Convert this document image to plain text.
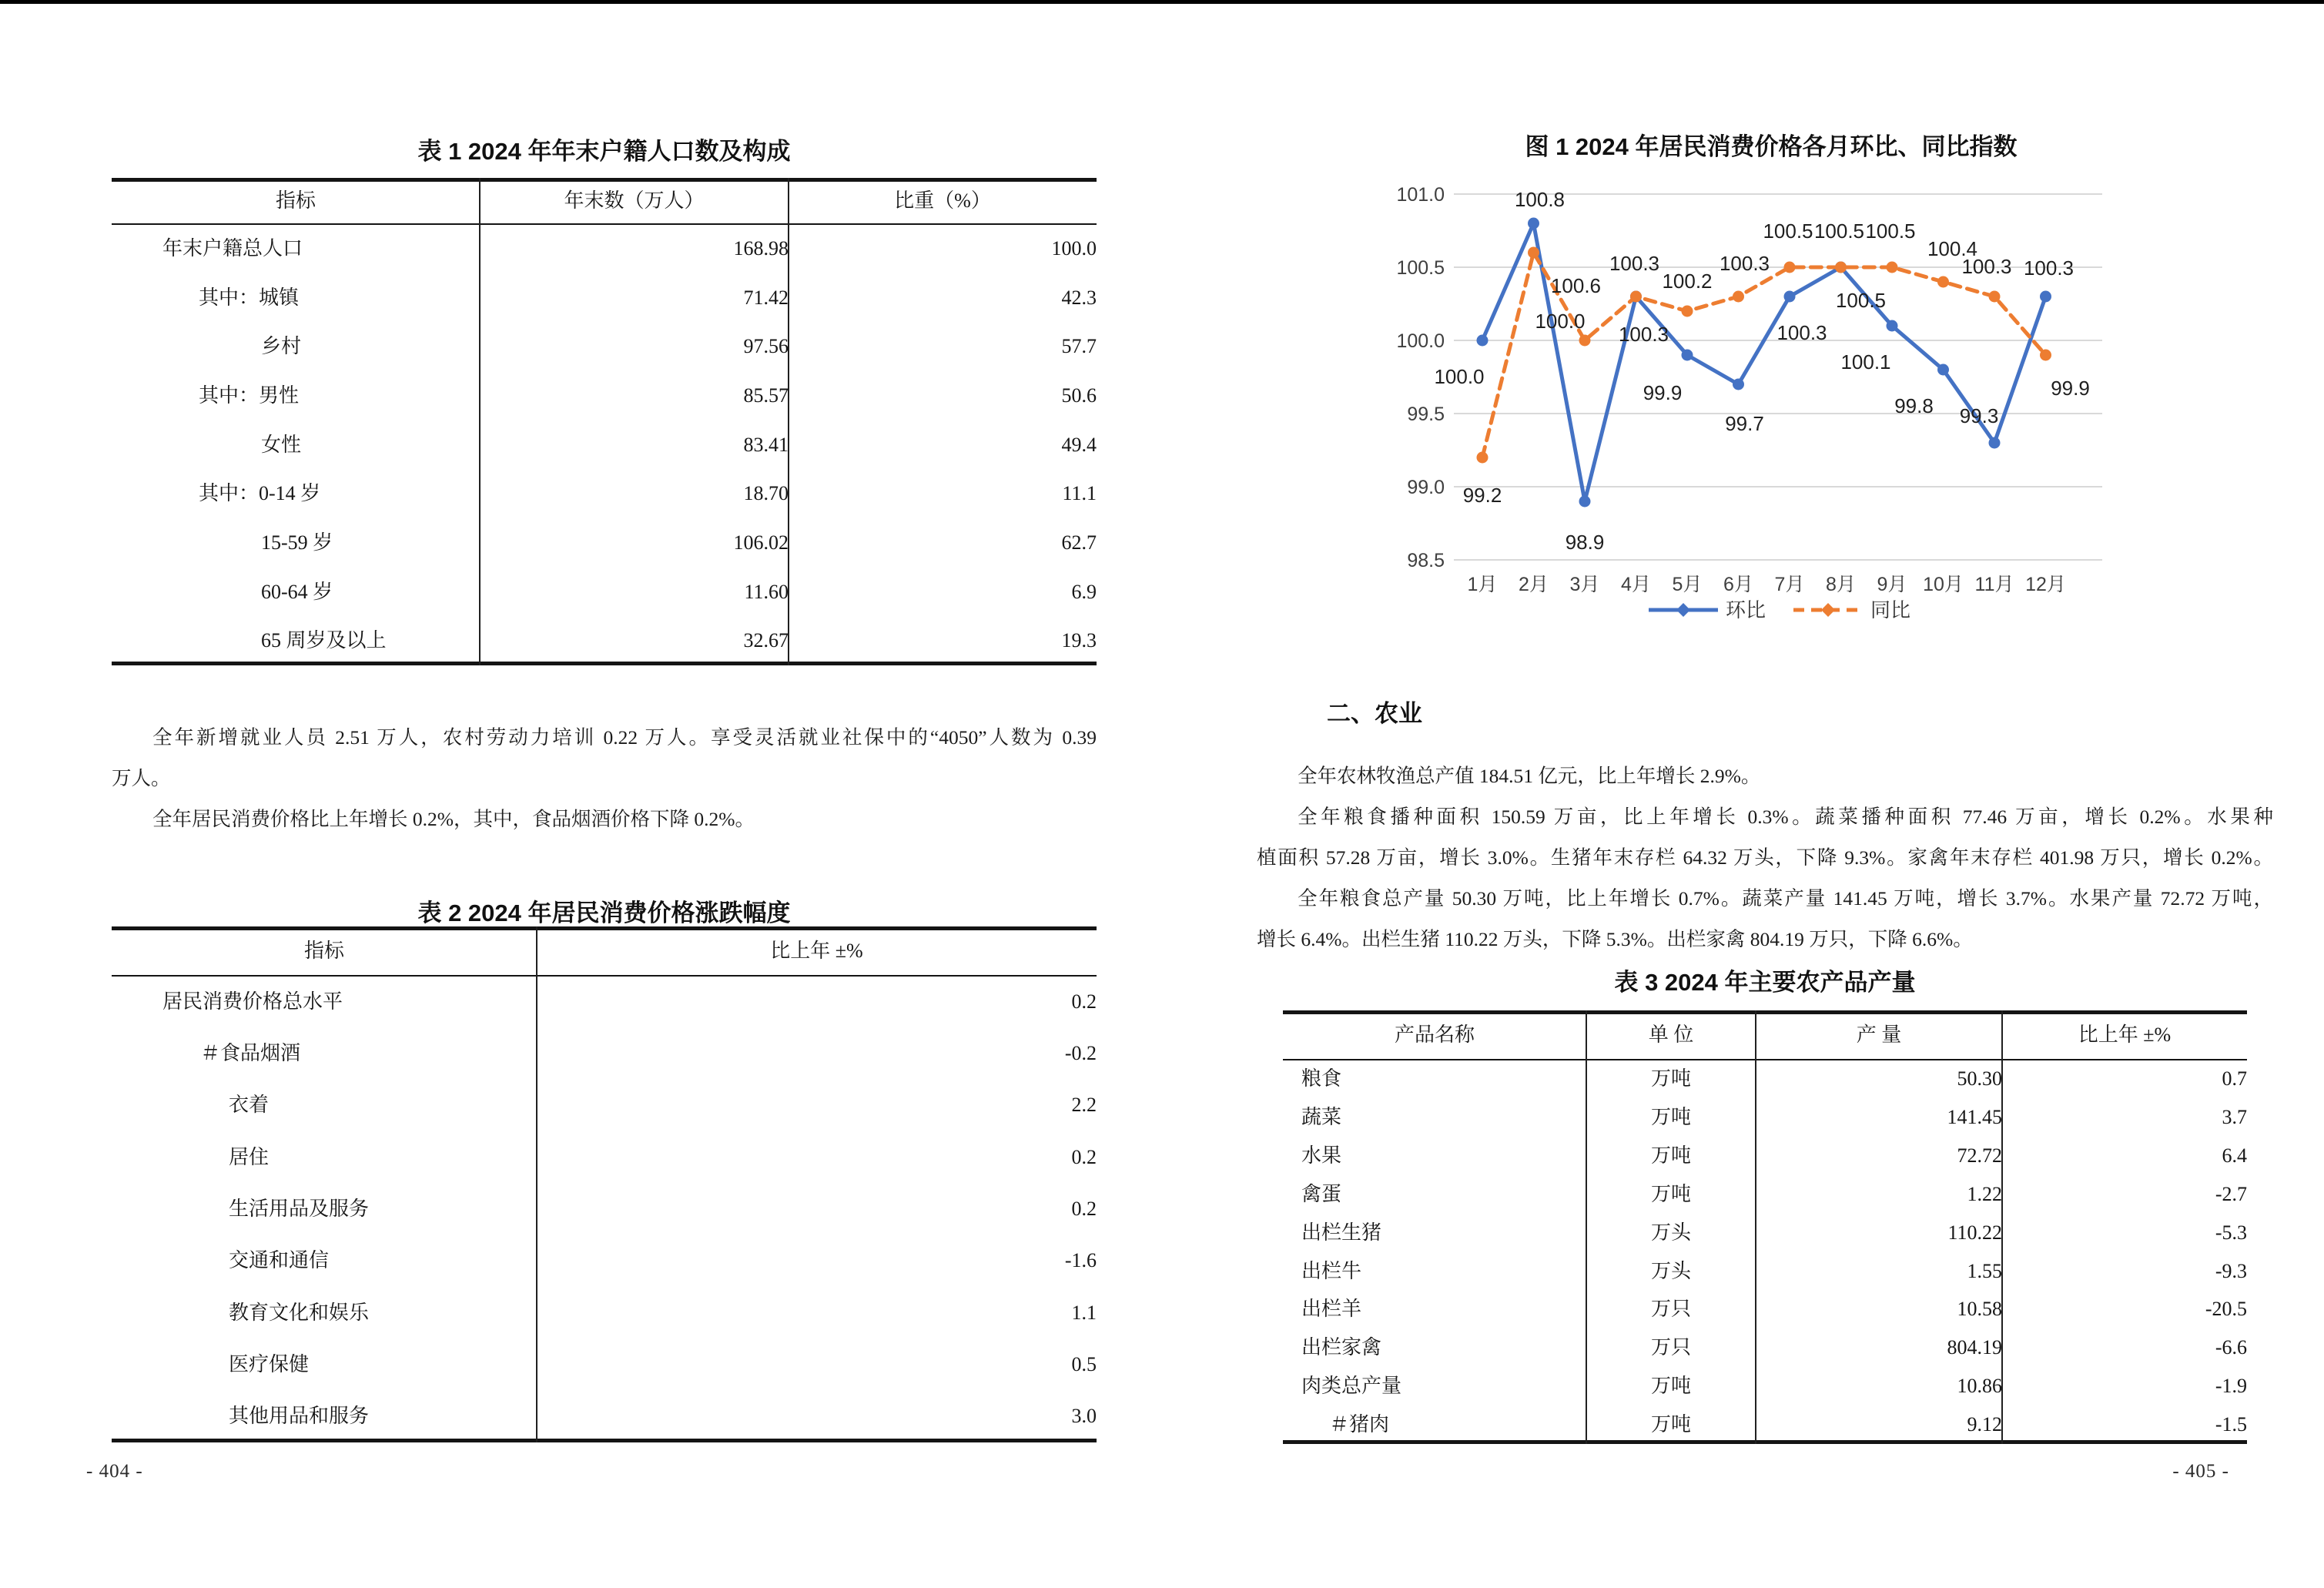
表 1 2024 年年末户籍人口数及构成
指标	年末数（万人）	比重（%）
年末户籍总人口	168.98	100.0
其中：城镇	71.42	42.3
乡村	97.56	57.7
其中：男性	85.57	50.6
女性	83.41	49.4
其中：0-14 岁	18.70	11.1
15-59 岁	106.02	62.7
60-64 岁	11.60	6.9
65 周岁及以上	32.67	19.3
全年新增就业人员 2.51 万人，农村劳动力培训 0.22 万人。享受灵活就业社保中的“4050”人数为 0.39
万人。
全年居民消费价格比上年增长 0.2%，其中，食品烟酒价格下降 0.2%。
表 2 2024 年居民消费价格涨跌幅度
指标	比上年 ±%
居民消费价格总水平	0.2
＃食品烟酒	-0.2
衣着	2.2
居住	0.2
生活用品及服务	0.2
交通和通信	-1.6
教育文化和娱乐	1.1
医疗保健	0.5
其他用品和服务	3.0
- 404 -
图 1 2024 年居民消费价格各月环比、同比指数
101.0
100.5
100.0
99.5
99.0
98.5
1月 2月 3月 4月 5月 6月 7月 8月 9月 10月 11月 12月
100.0
100.8
98.9
100.3
99.9
99.7
100.3
100.5
100.1
99.8 99.3
100.3
99.2
100.6
100.0
100.3
100.2
100.3
100.5 100.5 100.5
100.4
100.3
99.9
环比	同比
二、农业
全年农林牧渔总产值 184.51 亿元，比上年增长 2.9%。
全年粮食播种面积 150.59 万亩，比上年增长 0.3%。蔬菜播种面积 77.46 万亩，增长 0.2%。水果种
植面积 57.28 万亩，增长 3.0%。生猪年末存栏 64.32 万头，下降 9.3%。家禽年末存栏 401.98 万只，增长 0.2%。
全年粮食总产量 50.30 万吨，比上年增长 0.7%。蔬菜产量 141.45 万吨，增长 3.7%。水果产量 72.72 万吨，
增长 6.4%。出栏生猪 110.22 万头，下降 5.3%。出栏家禽 804.19 万只，下降 6.6%。
表 3 2024 年主要农产品产量
产品名称	单 位	产 量	比上年 ±%
粮食	万吨	50.30	0.7
蔬菜	万吨	141.45	3.7
水果	万吨	72.72	6.4
禽蛋	万吨	1.22	-2.7
出栏生猪	万头	110.22	-5.3
出栏牛	万头	1.55	-9.3
出栏羊	万只	10.58	-20.5
出栏家禽	万只	804.19	-6.6
肉类总产量	万吨	10.86	-1.9
＃猪肉	万吨	9.12	-1.5
- 405 -
